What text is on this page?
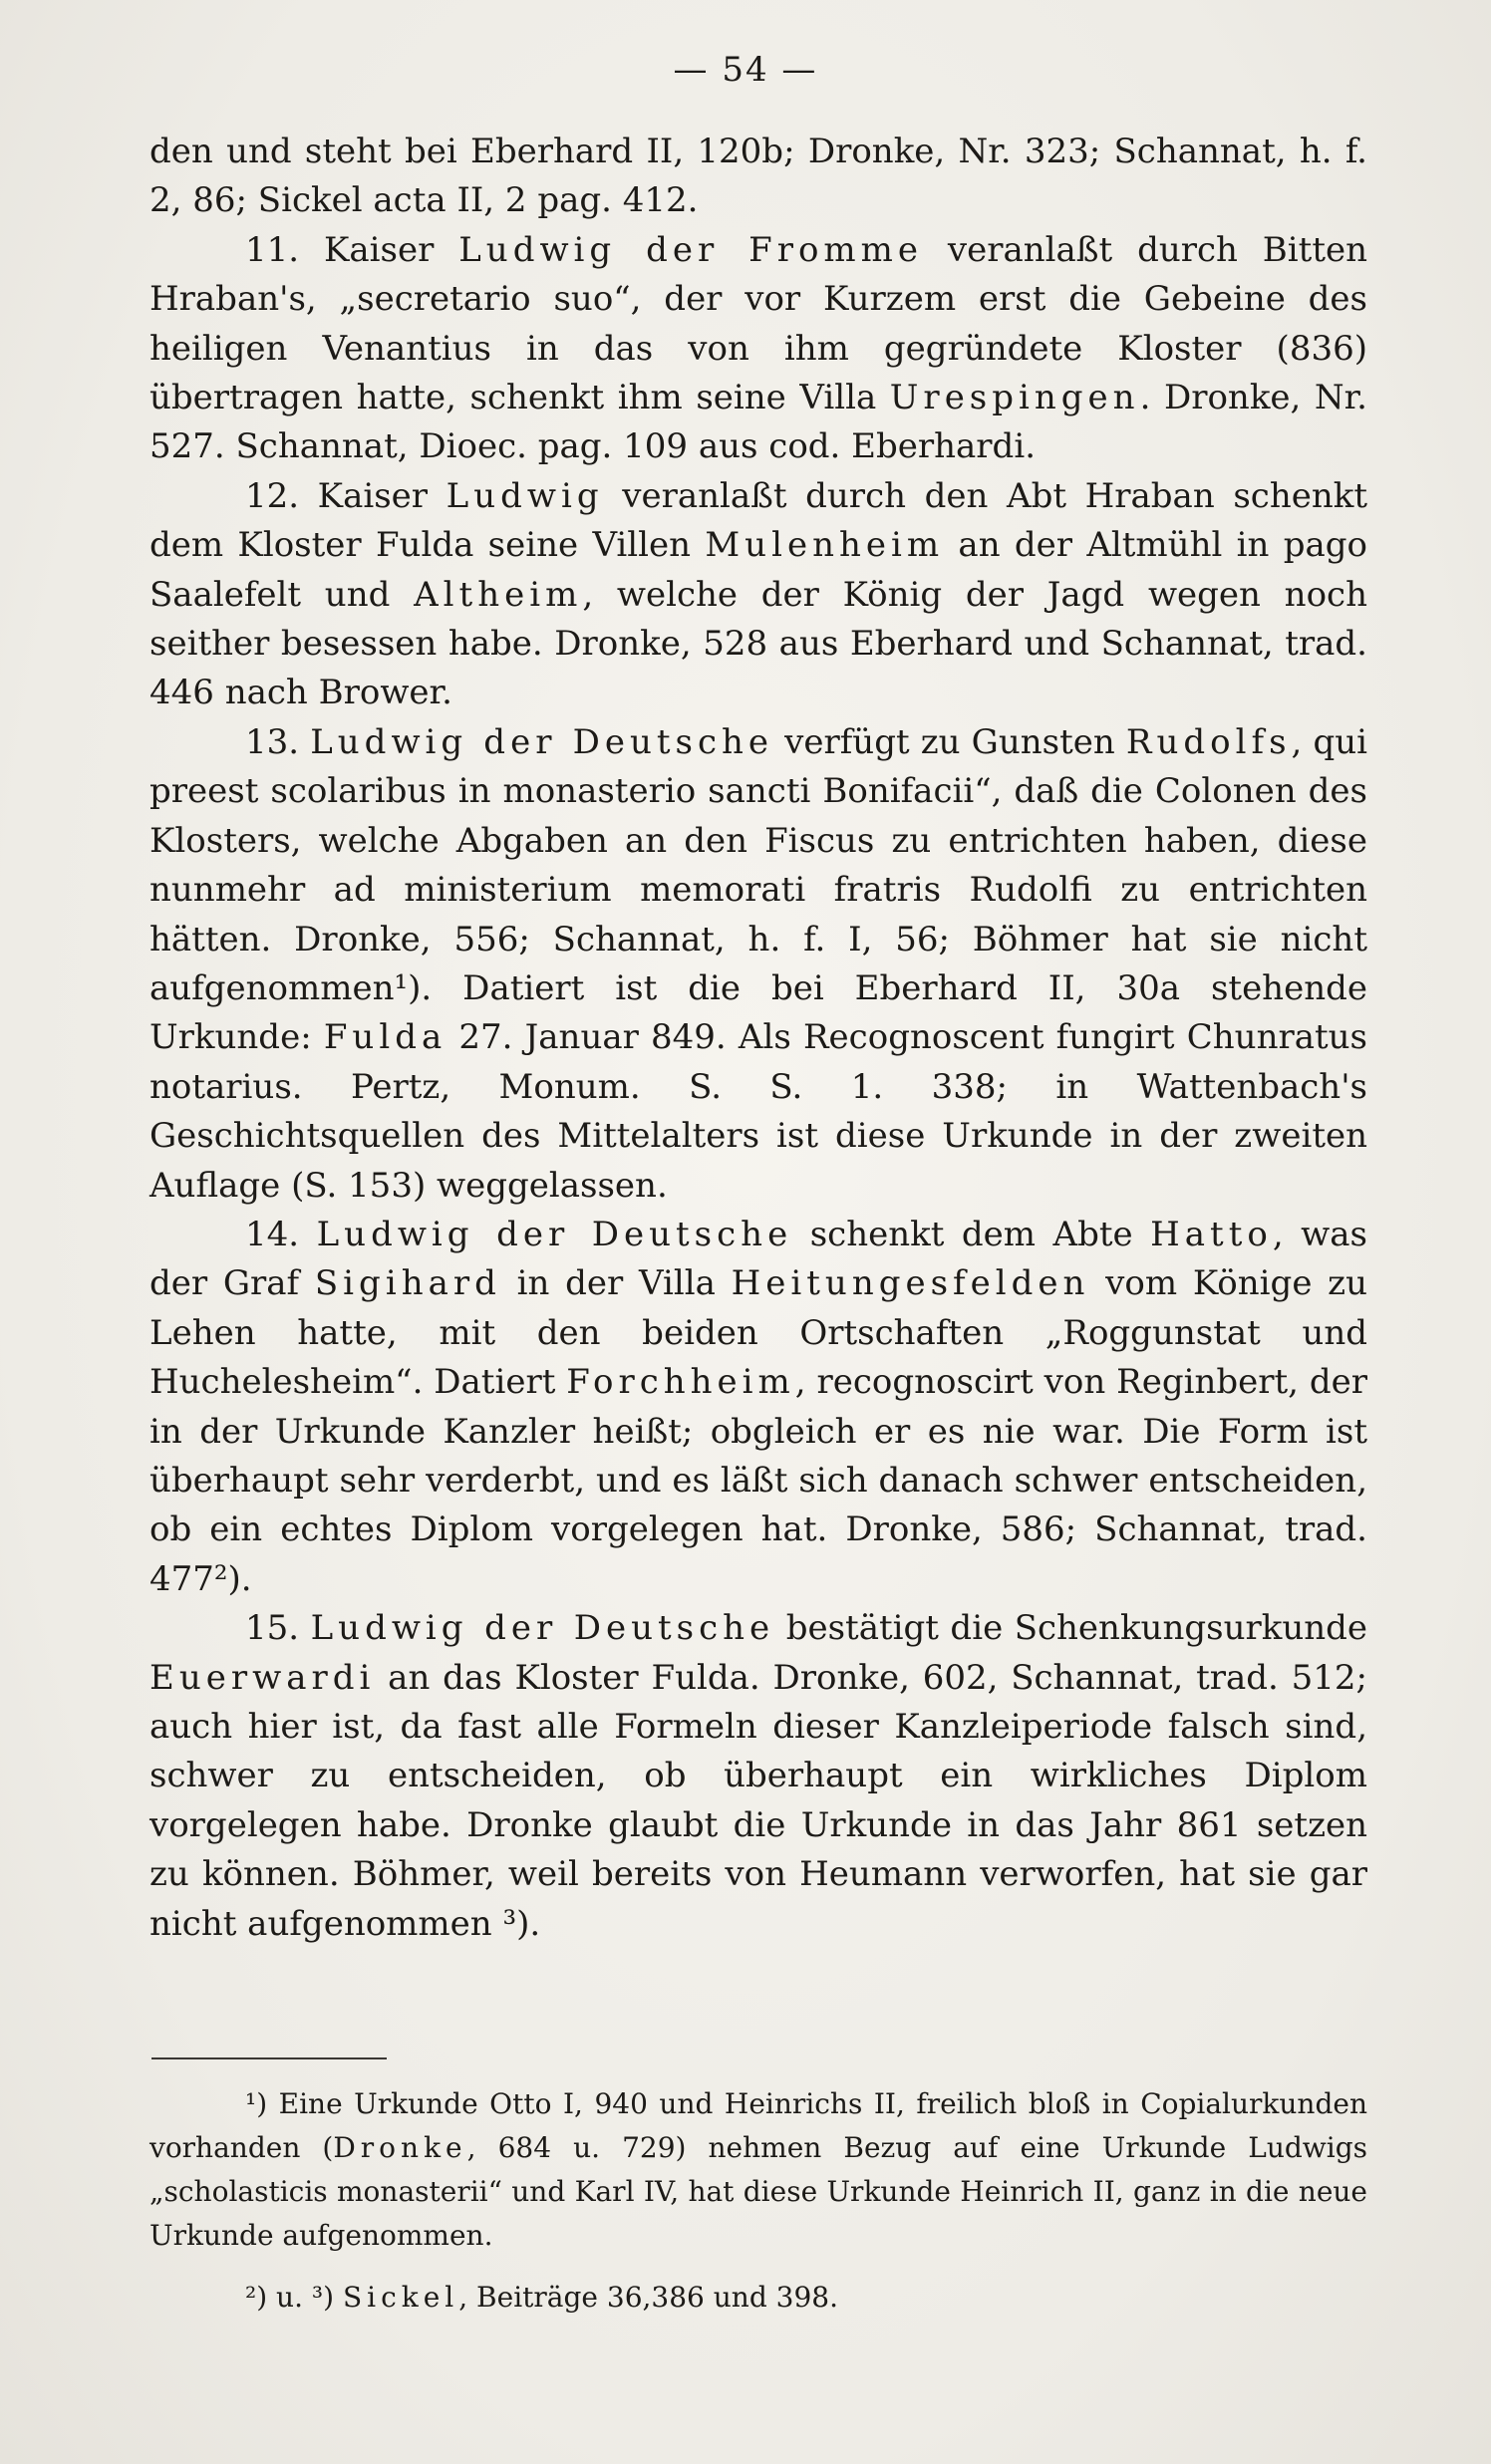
— 54 —

den und steht bei Eberhard II, 120b; Dronke, Nr. 323; Schannat, h. f. 2, 86; Sickel acta II, 2 pag. 412.

11. Kaiser Ludwig der Fromme veranlaßt durch Bitten Hraban's, „secretario suo“, der vor Kurzem erst die Gebeine des heiligen Venantius in das von ihm gegründete Kloster (836) übertragen hatte, schenkt ihm seine Villa Urespingen. Dronke, Nr. 527. Schannat, Dioec. pag. 109 aus cod. Eberhardi.

12. Kaiser Ludwig veranlaßt durch den Abt Hraban schenkt dem Kloster Fulda seine Villen Mulenheim an der Altmühl in pago Saalefelt und Altheim, welche der König der Jagd wegen noch seither besessen habe. Dronke, 528 aus Eberhard und Schannat, trad. 446 nach Brower.

13. Ludwig der Deutsche verfügt zu Gunsten Rudolfs, qui preest scolaribus in monasterio sancti Bonifacii“, daß die Colonen des Klosters, welche Abgaben an den Fiscus zu entrichten haben, diese nunmehr ad ministerium memorati fratris Rudolfi zu entrichten hätten. Dronke, 556; Schannat, h. f. I, 56; Böhmer hat sie nicht aufgenommen¹). Datiert ist die bei Eberhard II, 30a stehende Urkunde: Fulda 27. Januar 849. Als Recognoscent fungirt Chunratus notarius. Pertz, Monum. S. S. 1. 338; in Wattenbach's Geschichtsquellen des Mittelalters ist diese Urkunde in der zweiten Auflage (S. 153) weggelassen.

14. Ludwig der Deutsche schenkt dem Abte Hatto, was der Graf Sigihard in der Villa Heitungesfelden vom Könige zu Lehen hatte, mit den beiden Ortschaften „Roggunstat und Huchelesheim“. Datiert Forchheim, recognoscirt von Reginbert, der in der Urkunde Kanzler heißt; obgleich er es nie war. Die Form ist überhaupt sehr verderbt, und es läßt sich danach schwer entscheiden, ob ein echtes Diplom vorgelegen hat. Dronke, 586; Schannat, trad. 477²).

15. Ludwig der Deutsche bestätigt die Schenkungsurkunde Euerwardi an das Kloster Fulda. Dronke, 602, Schannat, trad. 512; auch hier ist, da fast alle Formeln dieser Kanzleiperiode falsch sind, schwer zu entscheiden, ob überhaupt ein wirkliches Diplom vorgelegen habe. Dronke glaubt die Urkunde in das Jahr 861 setzen zu können. Böhmer, weil bereits von Heumann verworfen, hat sie gar nicht aufgenommen ³).

¹) Eine Urkunde Otto I, 940 und Heinrichs II, freilich bloß in Copialurkunden vorhanden (Dronke, 684 u. 729) nehmen Bezug auf eine Urkunde Ludwigs „scholasticis monasterii“ und Karl IV, hat diese Urkunde Heinrich II, ganz in die neue Urkunde aufgenommen.

²) u. ³) Sickel, Beiträge 36,386 und 398.
